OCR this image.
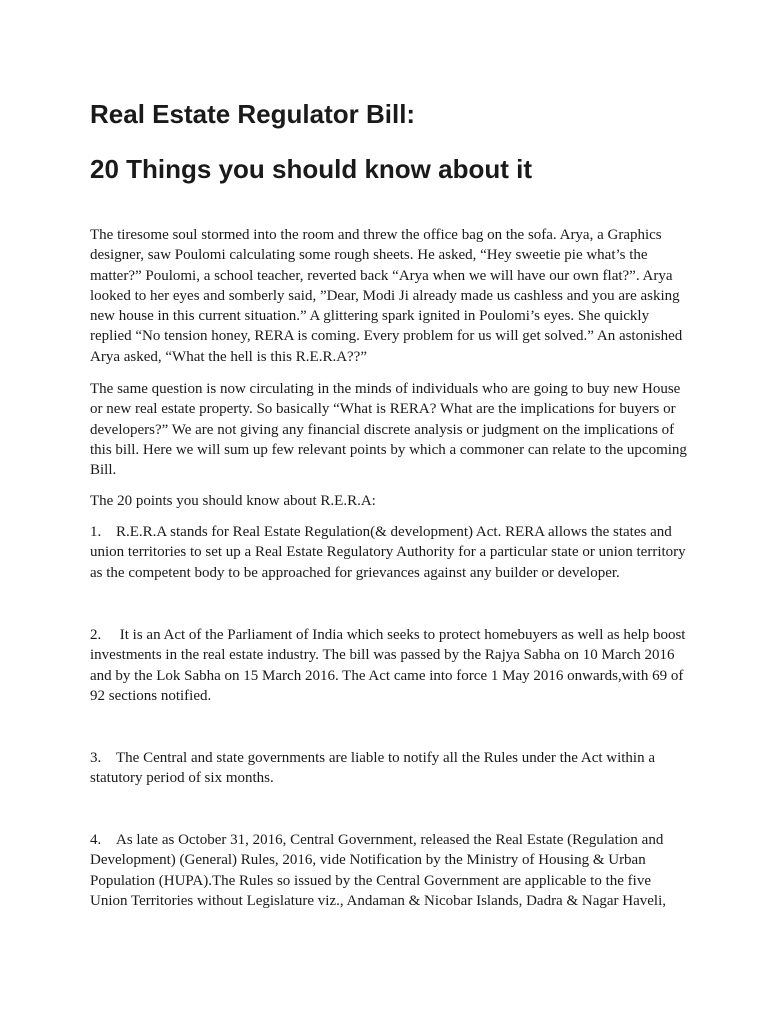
Real Estate Regulator Bill:
20 Things you should know about it

The tiresome soul stormed into the room and threw the office bag on the sofa. Arya, a Graphics designer, saw Poulomi calculating some rough sheets. He asked, “Hey sweetie pie what’s the matter?” Poulomi, a school teacher, reverted back “Arya when we will have our own flat?”. Arya looked to her eyes and somberly said, ”Dear, Modi Ji already made us cashless and you are asking new house in this current situation.” A glittering spark ignited in Poulomi’s eyes. She quickly replied “No tension honey, RERA is coming. Every problem for us will get solved.” An astonished Arya asked, “What the hell is this R.E.R.A??”

The same question is now circulating in the minds of individuals who are going to buy new House or new real estate property. So basically “What is RERA? What are the implications for buyers or developers?” We are not giving any financial discrete analysis or judgment on the implications of this bill. Here we will sum up few relevant points by which a commoner can relate to the upcoming Bill.

The 20 points you should know about R.E.R.A:

1. R.E.R.A stands for Real Estate Regulation(& development) Act. RERA allows the states and union territories to set up a Real Estate Regulatory Authority for a particular state or union territory as the competent body to be approached for grievances against any builder or developer.

2. It is an Act of the Parliament of India which seeks to protect homebuyers as well as help boost investments in the real estate industry. The bill was passed by the Rajya Sabha on 10 March 2016 and by the Lok Sabha on 15 March 2016. The Act came into force 1 May 2016 onwards,with 69 of 92 sections notified.

3. The Central and state governments are liable to notify all the Rules under the Act within a statutory period of six months.

4. As late as October 31, 2016, Central Government, released the Real Estate (Regulation and Development) (General) Rules, 2016, vide Notification by the Ministry of Housing & Urban Population (HUPA).The Rules so issued by the Central Government are applicable to the five Union Territories without Legislature viz., Andaman & Nicobar Islands, Dadra & Nagar Haveli,
